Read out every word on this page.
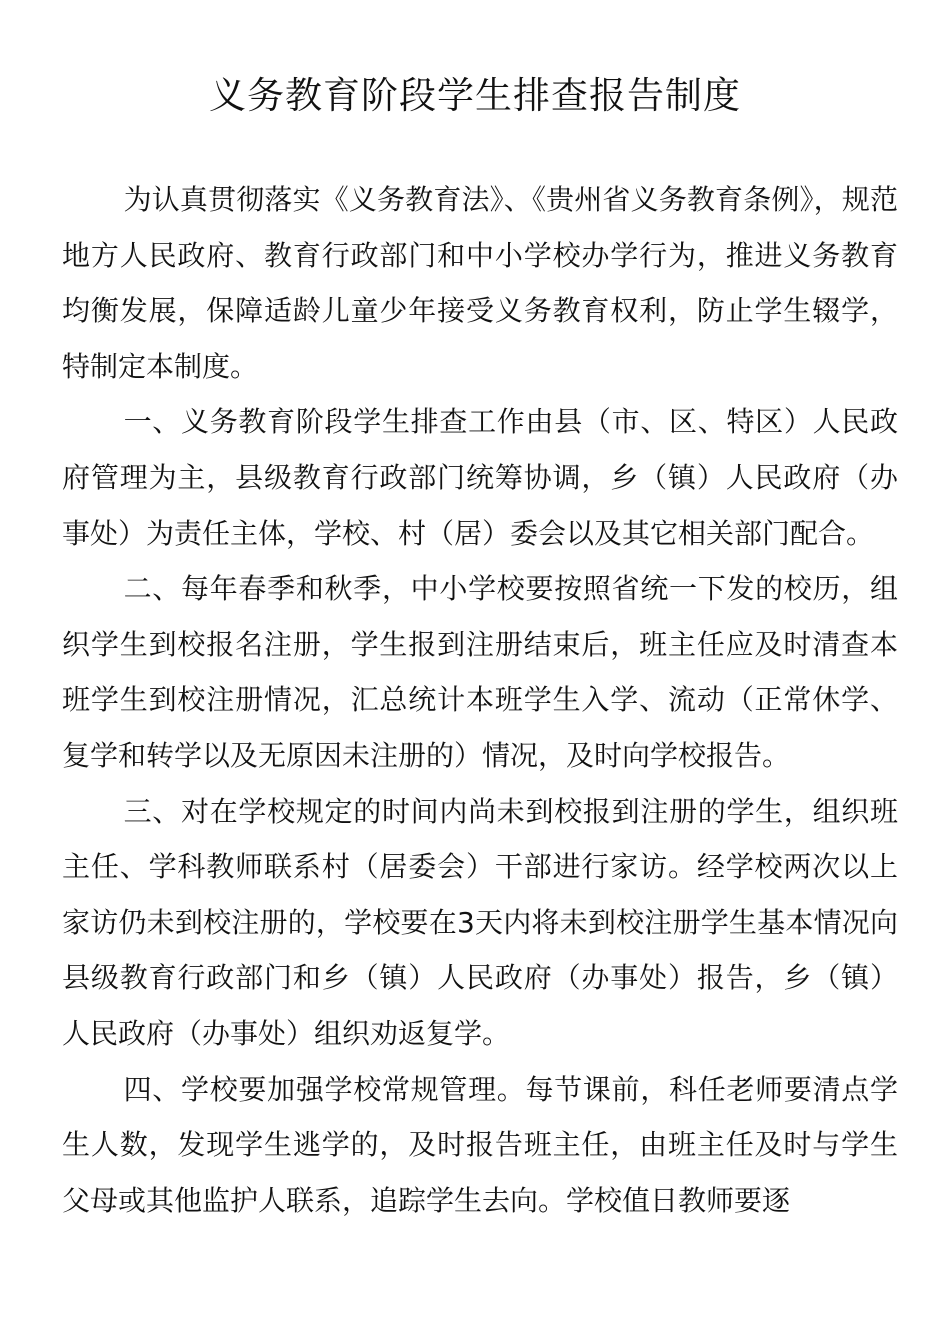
义务教育阶段学生排查报告制度

为认真贯彻落实《义务教育法》、《贵州省义务教育条例》，规范地方人民政府、教育行政部门和中小学校办学行为，推进义务教育均衡发展，保障适龄儿童少年接受义务教育权利，防止学生辍学，特制定本制度。

一、义务教育阶段学生排查工作由县（市、区、特区）人民政府管理为主，县级教育行政部门统筹协调，乡（镇）人民政府（办事处）为责任主体，学校、村（居）委会以及其它相关部门配合。

二、每年春季和秋季，中小学校要按照省统一下发的校历，组织学生到校报名注册，学生报到注册结束后，班主任应及时清查本班学生到校注册情况，汇总统计本班学生入学、流动（正常休学、复学和转学以及无原因未注册的）情况，及时向学校报告。

三、对在学校规定的时间内尚未到校报到注册的学生，组织班主任、学科教师联系村（居委会）干部进行家访。经学校两次以上家访仍未到校注册的，学校要在3天内将未到校注册学生基本情况向县级教育行政部门和乡（镇）人民政府（办事处）报告，乡（镇）人民政府（办事处）组织劝返复学。

四、学校要加强学校常规管理。每节课前，科任老师要清点学生人数，发现学生逃学的，及时报告班主任，由班主任及时与学生父母或其他监护人联系，追踪学生去向。学校值日教师要逐
